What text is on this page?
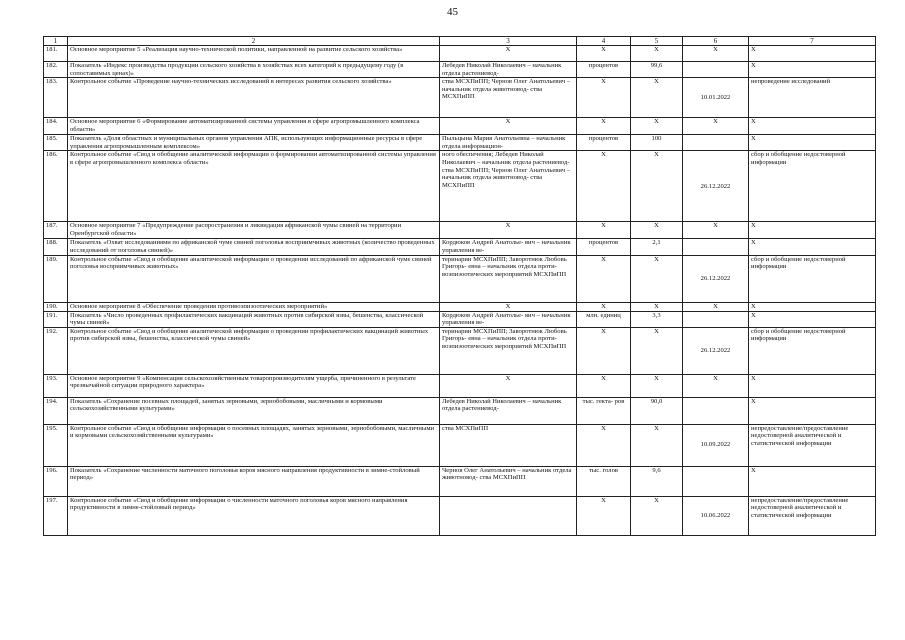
45
1	2	3	4	5	6	7
181.	Основное мероприятие 5 «Реализация научно-технической политики, направленной на развитие сельского хозяйства»	Х	Х	Х	Х	Х
182.	Показатель «Индекс производства продукции сельского хозяйства в хозяйствах всех категорий к предыдущему году (в сопоставимых ценах)»	Лебедев Николай Николаевич – начальник отдела растениевод-	процентов	99,6		Х
183.	Контрольное событие «Проведение научно-технических исследований в интересах развития сельского хозяйства»	ства МСХПиПП; Чернов Олег Анатольевич – начальник отдела животновод- ства МСХПиПП	Х	Х	10.01.2022	непроведение исследований
184.	Основное мероприятие 6 «Формирование автоматизированной системы управления в сфере агропромышленного комплекса области»	Х	Х	Х	Х	Х
185.	Показатель «Доля областных и муниципальных органов управления АПК, использующих информационные ресурсы в сфере управления агропромышленным комплексом»	Пыльцына Мария Анатольевна – начальник отдела информацион-	процентов	100		Х
186.	Контрольное событие «Свод и обобщение аналитической информации о формировании автоматизированной системы управления в сфере агропромышленного комплекса области»	ного обеспечения; Лебедев Николай Николаевич – начальник отдела растениевод- ства МСХПиПП; Чернов Олег Анатольевич – начальник отдела животновод- ства МСХПиПП	Х	Х	26.12.2022	сбор и обобщение недостоверной информации
187.	Основное мероприятие 7 «Предупреждение распространения и ликвидация африканской чумы свиней на территории Оренбургской области»	Х	Х	Х	Х	Х
188.	Показатель «Охват исследованиями по африканской чуме свиней поголовья восприимчивых животных (количество проведенных исследований от поголовья свиней)»	Кордюков Андрей Анатолье- вич – начальник управления ве-	процентов	2,1		Х
189.	Контрольное событие «Свод и обобщение аналитической информации о проведении исследований по африканской чуме свиней поголовья восприимчивых животных»	теринарии МСХПиПП; Заворотнюк Любовь Григорь- евна – начальник отдела проти- воэпизоотических мероприятий МСХПиПП	Х	Х	26.12.2022	сбор и обобщение недостоверной информации
190.	Основное мероприятие 8 «Обеспечение проведения противоэпизоотических мероприятий»	Х	Х	Х	Х	Х
191.	Показатель «Число проведенных профилактических вакцинаций животных против сибирской язвы, бешенства, классической чумы свиней»	Кордюков Андрей Анатолье- вич – начальник управления ве-	млн. единиц	3,3		Х
192.	Контрольное событие «Свод и обобщение аналитической информации о проведении профилактических вакцинаций животных против сибирской язвы, бешенства, классической чумы свиней»	теринарии МСХПиПП; Заворотнюк Любовь Григорь- евна – начальник отдела проти- воэпизоотических мероприятий МСХПиПП	Х	Х	26.12.2022	сбор и обобщение недостоверной информации
193.	Основное мероприятие 9 «Компенсация сельскохозяйственным товаропроизводителям ущерба, причиненного в результате чрезвычайной ситуации природного характера»	Х	Х	Х	Х	Х
194.	Показатель «Сохранение посевных площадей, занятых зерновыми, зернобобовыми, масличными и кормовыми сельскохозяйственными культурами»	Лебедев Николай Николаевич – начальник отдела растениевод-	тыс. гекта- ров	90,0		Х
195.	Контрольное событие «Свод и обобщение информации о посевных площадях, занятых зерновыми, зернобобовыми, масличными и кормовыми сельскохозяйственными культурами»	ства МСХПиПП	Х	Х	10.09.2022	непредоставление/предоставление недостоверной аналитической и статистической информации
196.	Показатель «Сохранение численности маточного поголовья коров мясного направления продуктивности в зимне-стойловый период»	Чернов Олег Анатольевич – начальник отдела животновод- ства МСХПиПП	тыс. голов	9,6		Х
197.	Контрольное событие «Свод и обобщение информации о численности маточного поголовья коров мясного направления продуктивности в зимне-стойловый период»		Х	Х	10.06.2022	непредоставление/предоставление недостоверной аналитической и статистической информации
